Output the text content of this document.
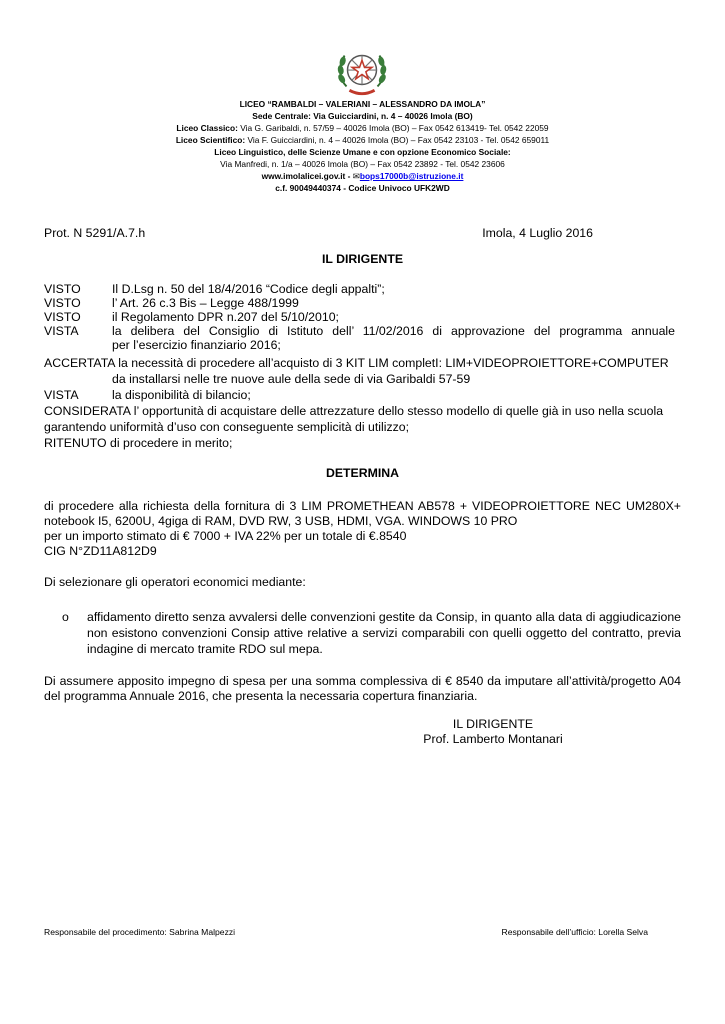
LICEO “RAMBALDI – VALERIANI – ALESSANDRO DA IMOLA”
Sede Centrale: Via Guicciardini, n. 4 – 40026 Imola (BO)
Liceo Classico: Via G. Garibaldi, n. 57/59 – 40026 Imola (BO) – Fax 0542 613419- Tel. 0542 22059
Liceo Scientifico: Via F. Guicciardini, n. 4 – 40026 Imola (BO) – Fax 0542 23103 - Tel. 0542 659011
Liceo Linguistico, delle Scienze Umane e con opzione Economico Sociale:
Via Manfredi, n. 1/a – 40026 Imola (BO) – Fax 0542 23892 - Tel. 0542 23606
www.imolalicei.gov.it - ✉bops17000b@istruzione.it
c.f. 90049440374 - Codice Univoco UFK2WD
Prot. N 5291/A.7.h	Imola, 4 Luglio 2016
IL DIRIGENTE
VISTO	Il D.Lsg n. 50 del 18/4/2016 “Codice degli appalti”;
VISTO	l’ Art. 26 c.3 Bis – Legge 488/1999
VISTO	il Regolamento DPR n.207 del 5/10/2010;
VISTA	la delibera del Consiglio di Istituto dell’ 11/02/2016 di approvazione del programma annuale
per l’esercizio finanziario 2016;
ACCERTATA la necessità di procedere all’acquisto di 3 KIT LIM completI: LIM+VIDEOPROIETTORE+COMPUTER
da installarsi nelle tre nuove aule della sede di via Garibaldi 57-59
VISTA	la disponibilità di bilancio;
CONSIDERATA l’ opportunità di acquistare delle attrezzature dello stesso modello di quelle già in uso nella scuola
garantendo uniformità d’uso con conseguente semplicità di utilizzo;
RITENUTO di procedere in merito;
DETERMINA
di procedere alla richiesta della fornitura di 3 LIM PROMETHEAN AB578 + VIDEOPROIETTORE NEC UM280X+
notebook I5, 6200U, 4giga di RAM, DVD RW, 3 USB, HDMI, VGA. WINDOWS 10 PRO
per un importo stimato di € 7000 + IVA 22% per un totale di €.8540
CIG N°ZD11A812D9
Di selezionare gli operatori economici mediante:
o affidamento diretto senza avvalersi delle convenzioni gestite da Consip, in quanto alla data di aggiudicazione
non esistono convenzioni Consip attive relative a servizi comparabili con quelli oggetto del contratto, previa
indagine di mercato tramite RDO sul mepa.
Di assumere apposito impegno di spesa per una somma complessiva di € 8540 da imputare all’attività/progetto A04
del programma Annuale 2016, che presenta la necessaria copertura finanziaria.
IL DIRIGENTE
Prof. Lamberto Montanari
Responsabile del procedimento: Sabrina Malpezzi	Responsabile dell’ufficio: Lorella Selva
